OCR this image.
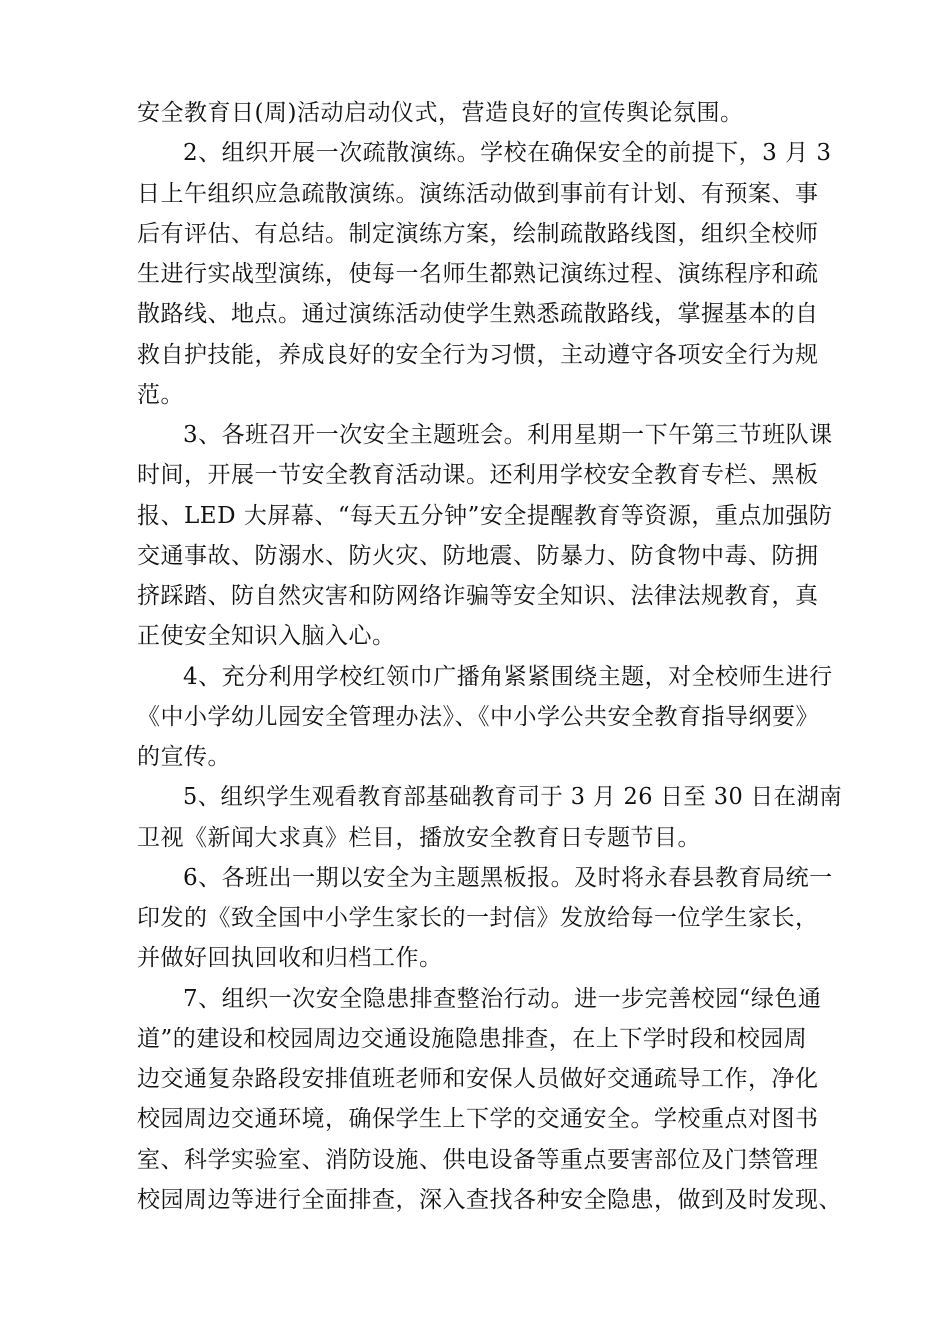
安全教育日(周)活动启动仪式，营造良好的宣传舆论氛围。
2、组织开展一次疏散演练。学校在确保安全的前提下，3 月 3
日上午组织应急疏散演练。演练活动做到事前有计划、有预案、事
后有评估、有总结。制定演练方案，绘制疏散路线图，组织全校师
生进行实战型演练，使每一名师生都熟记演练过程、演练程序和疏
散路线、地点。通过演练活动使学生熟悉疏散路线，掌握基本的自
救自护技能，养成良好的安全行为习惯，主动遵守各项安全行为规
范。
3、各班召开一次安全主题班会。利用星期一下午第三节班队课
时间，开展一节安全教育活动课。还利用学校安全教育专栏、黑板
报、LED 大屏幕、“每天五分钟”安全提醒教育等资源，重点加强防
交通事故、防溺水、防火灾、防地震、防暴力、防食物中毒、防拥
挤踩踏、防自然灾害和防网络诈骗等安全知识、法律法规教育，真
正使安全知识入脑入心。
4、充分利用学校红领巾广播角紧紧围绕主题，对全校师生进行
《中小学幼儿园安全管理办法》、《中小学公共安全教育指导纲要》
的宣传。
5、组织学生观看教育部基础教育司于 3 月 26 日至 30 日在湖南
卫视《新闻大求真》栏目，播放安全教育日专题节目。
6、各班出一期以安全为主题黑板报。及时将永春县教育局统一
印发的《致全国中小学生家长的一封信》发放给每一位学生家长，
并做好回执回收和归档工作。
7、组织一次安全隐患排查整治行动。进一步完善校园“绿色通
道”的建设和校园周边交通设施隐患排查，在上下学时段和校园周
边交通复杂路段安排值班老师和安保人员做好交通疏导工作，净化
校园周边交通环境，确保学生上下学的交通安全。学校重点对图书
室、科学实验室、消防设施、供电设备等重点要害部位及门禁管理
校园周边等进行全面排查，深入查找各种安全隐患，做到及时发现、
